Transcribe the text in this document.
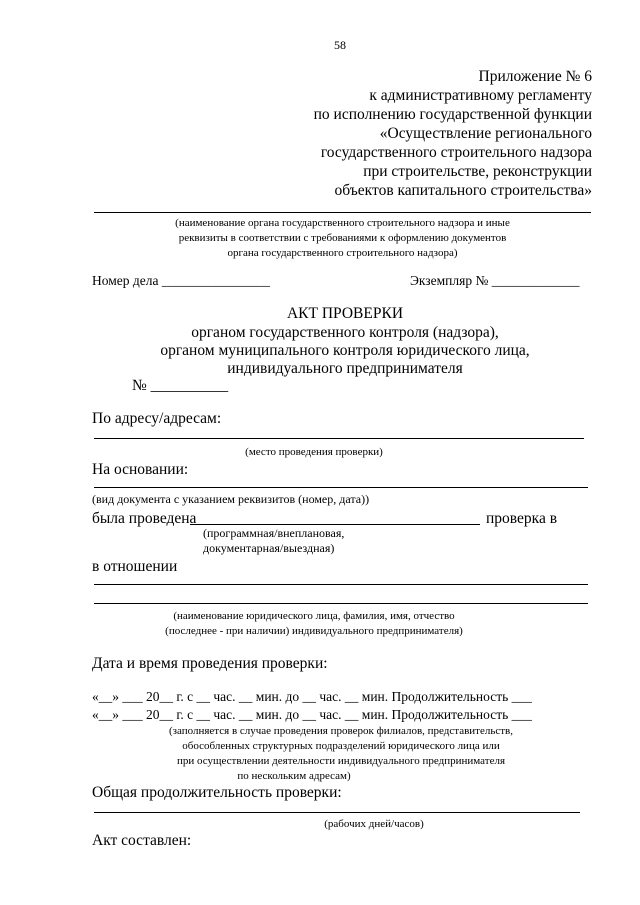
58
Приложение № 6
к административному регламенту
по исполнению государственной функции
«Осуществление регионального
государственного строительного надзора
при строительстве, реконструкции
объектов капитального строительства»
(наименование органа государственного строительного надзора и иные
реквизиты в соответствии с требованиями к оформлению документов
органа государственного строительного надзора)
Номер дела ________________	Экземпляр № _____________
АКТ ПРОВЕРКИ
органом государственного контроля (надзора),
органом муниципального контроля юридического лица,
индивидуального предпринимателя
№ __________
По адресу/адресам:
(место проведения проверки)
На основании:
(вид документа с указанием реквизитов (номер, дата))
была проведена	проверка в
(программная/внеплановая,
документарная/выездная)
в отношении
(наименование юридического лица, фамилия, имя, отчество
(последнее - при наличии) индивидуального предпринимателя)
Дата и время проведения проверки:
«__» ___ 20__ г. с __ час. __ мин. до __ час. __ мин. Продолжительность ___
«__» ___ 20__ г. с __ час. __ мин. до __ час. __ мин. Продолжительность ___
(заполняется в случае проведения проверок филиалов, представительств,
обособленных структурных подразделений юридического лица или
при осуществлении деятельности индивидуального предпринимателя
по нескольким адресам)
Общая продолжительность проверки:
(рабочих дней/часов)
Акт составлен:
